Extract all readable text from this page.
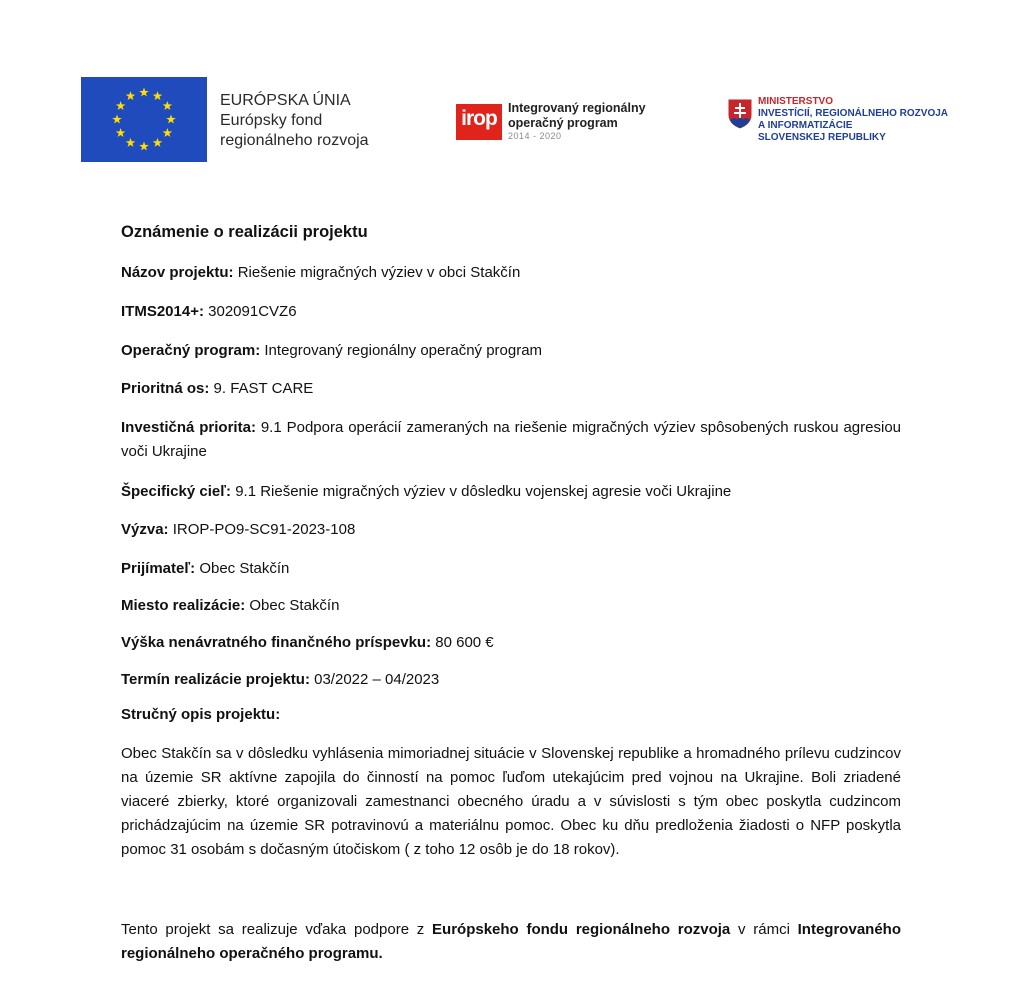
EURÓPSKA ÚNIA
Európsky fond
regionálneho rozvoja
irop Integrovaný regionálny
operačný program
2014 - 2020
MINISTERSTVO
INVESTÍCIÍ, REGIONÁLNEHO ROZVOJA
A INFORMATIZÁCIE
SLOVENSKEJ REPUBLIKY
Oznámenie o realizácii projektu
Názov projektu: Riešenie migračných výziev v obci Stakčín
ITMS2014+: 302091CVZ6
Operačný program: Integrovaný regionálny operačný program
Prioritná os: 9. FAST CARE
Investičná priorita: 9.1 Podpora operácií zameraných na riešenie migračných výziev spôsobených ruskou agresiou voči Ukrajine
Špecifický cieľ: 9.1 Riešenie migračných výziev v dôsledku vojenskej agresie voči Ukrajine
Výzva: IROP-PO9-SC91-2023-108
Prijímateľ: Obec Stakčín
Miesto realizácie: Obec Stakčín
Výška nenávratného finančného príspevku: 80 600 €
Termín realizácie projektu: 03/2022 – 04/2023
Stručný opis projektu:
Obec Stakčín sa v dôsledku vyhlásenia mimoriadnej situácie v Slovenskej republike a hromadného prílevu cudzincov na územie SR aktívne zapojila do činností na pomoc ľuďom utekajúcim pred vojnou na Ukrajine. Boli zriadené viaceré zbierky, ktoré organizovali zamestnanci obecného úradu a v súvislosti s tým obec poskytla cudzincom prichádzajúcim na územie SR potravinovú a materiálnu pomoc. Obec ku dňu predloženia žiadosti o NFP poskytla pomoc 31 osobám s dočasným útočiskom ( z toho 12 osôb je do 18 rokov).
Tento projekt sa realizuje vďaka podpore z Európskeho fondu regionálneho rozvoja v rámci Integrovaného regionálneho operačného programu.
